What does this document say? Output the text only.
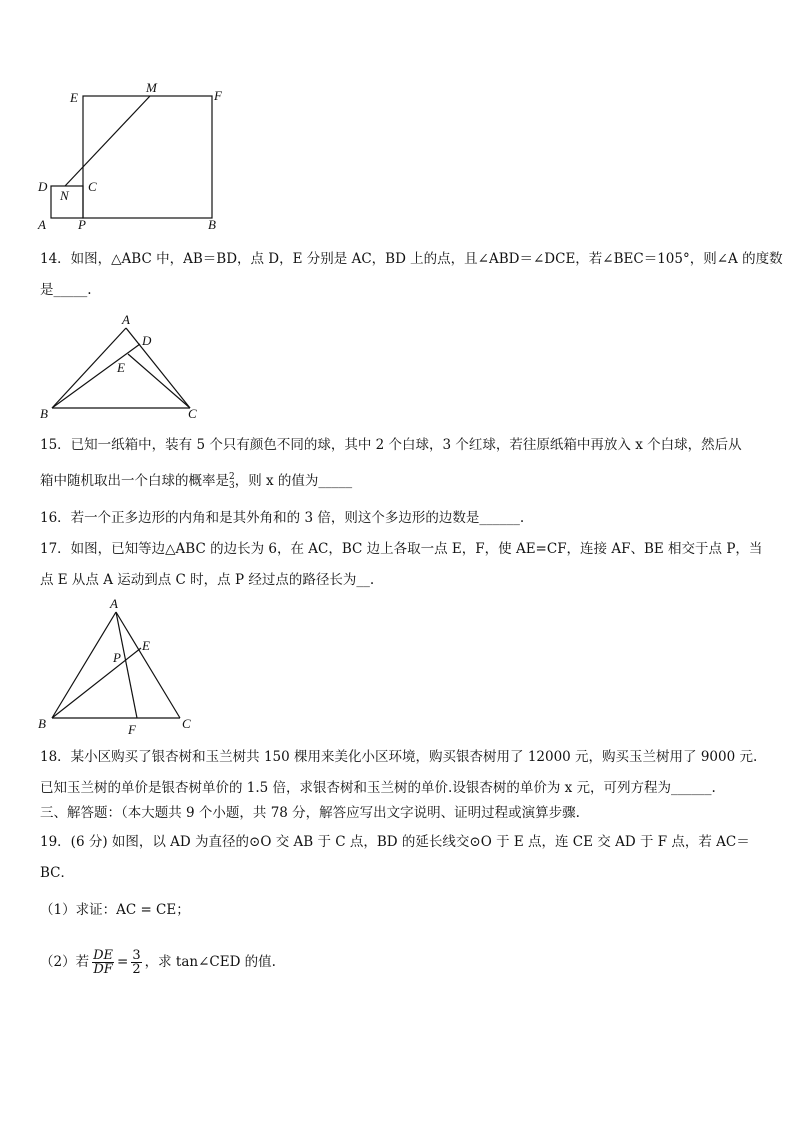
E
M
F
D	C
N
A P	B
14．如图，△ABC 中，AB＝BD，点 D，E 分别是 AC，BD 上的点，且∠ABD＝∠DCE，若∠BEC＝105°，则∠A 的度数
是_____.
A
D
E
B	C
15．已知一纸箱中，装有 5 个只有颜色不同的球，其中 2 个白球，3 个红球，若往原纸箱中再放入 x 个白球，然后从
箱中随机取出一个白球的概率是 2
3 ，则 x 的值为_____
16．若一个正多边形的内角和是其外角和的 3 倍，则这个多边形的边数是______.
17．如图，已知等边△ABC 的边长为 6，在 AC，BC 边上各取一点 E，F，使 AE=CF，连接 AF、BE 相交于点 P，当
点 E 从点 A 运动到点 C 时，点 P 经过点的路径长为__.
A
E
P
B	F	C
18．某小区购买了银杏树和玉兰树共 150 棵用来美化小区环境，购买银杏树用了 12000 元，购买玉兰树用了 9000 元.
已知玉兰树的单价是银杏树单价的 1.5 倍，求银杏树和玉兰树的单价.设银杏树的单价为 x 元，可列方程为______.
三、解答题：（本大题共 9 个小题，共 78 分，解答应写出文字说明、证明过程或演算步骤.
19．(6 分) 如图，以 AD 为直径的⊙O 交 AB 于 C 点，BD 的延长线交⊙O 于 E 点，连 CE 交 AD 于 F 点，若 AC＝
BC．
（1）求证：AC = CE；
（2）若 $\frac{DE}{DF} = \frac{3}{2}$ ，求 tan∠CED 的值.
